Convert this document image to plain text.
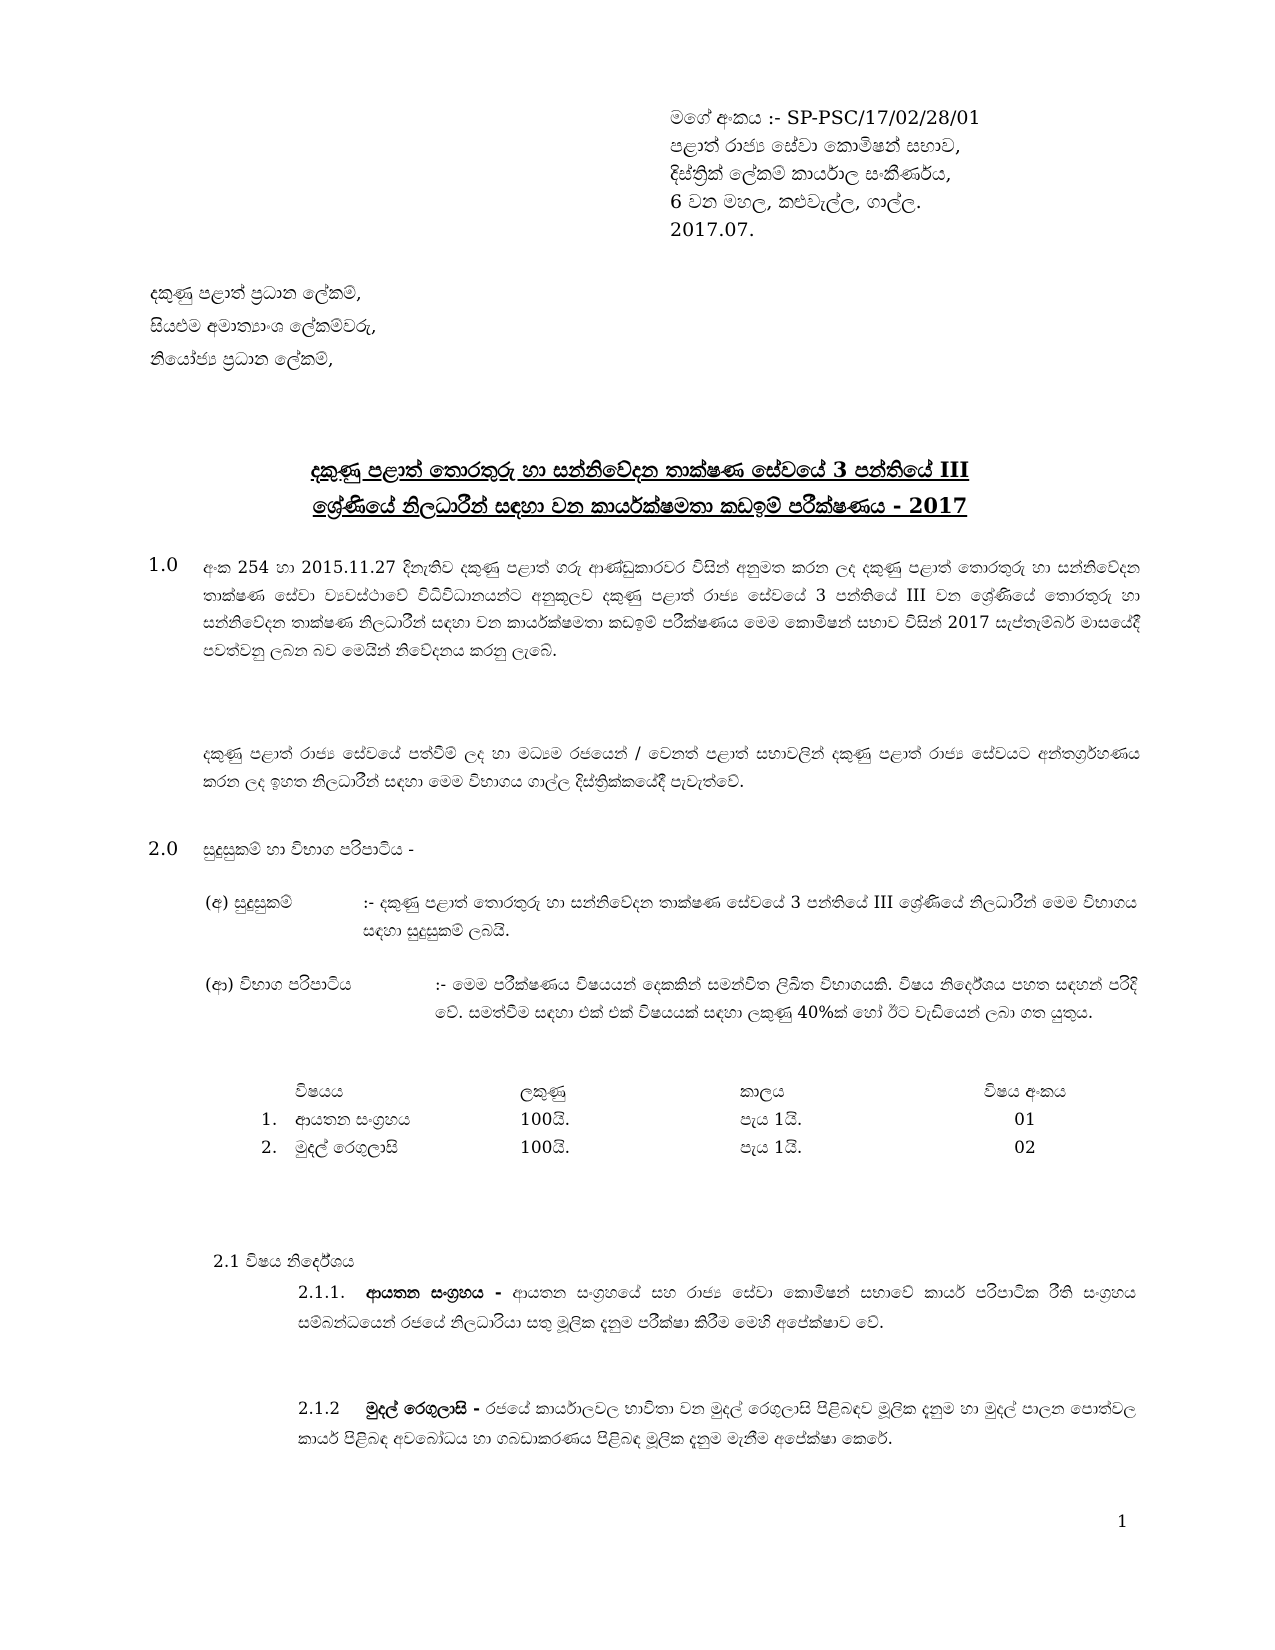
මගේ අංකය :- SP-PSC/17/02/28/01
පළාත් රාජ්‍ය සේවා කොමිෂන් සභාව,
දිස්ත්‍රික් ලේකම් කාර්යාල සංකීර්ණය,
6 වන මහල, කළුවැල්ල, ගාල්ල.
2017.07.
දකුණු පළාත් ප්‍රධාන ලේකම්,
සියළුම අමාත්‍යාංශ ලේකම්වරු,
නියෝජ්‍ය ප්‍රධාන ලේකම්,
දකුණු පළාත් තොරතුරු හා සන්නිවේදන තාක්ෂණ සේවයේ 3 පන්තියේ III
ශ්‍රේණියේ නිලධාරීන් සඳහා වන කාර්යක්ෂමතා කඩඉම් පරීක්ෂණය - 2017
1.0 අංක 254 හා 2015.11.27 දිනැතිව දකුණු පළාත් ගරු ආණ්ඩුකාරවර විසින් අනුමත කරන ලද දකුණු පළාත් තොරතුරු හා සන්නිවේදන තාක්ෂණ සේවා ව්‍යවස්ථාවේ විධිවිධානයන්ට අනුකූලව දකුණු පළාත් රාජ්‍ය සේවයේ 3 පන්තියේ III වන ශ්‍රේණියේ තොරතුරු හා සන්නිවේදන තාක්ෂණ නිලධාරීන් සඳහා වන කාර්යක්ෂමතා කඩඉම් පරීක්ෂණය මෙම කොමිෂන් සභාව විසින් 2017 සැප්තැම්බර් මාසයේදී පවත්වනු ලබන බව මෙයින් නිවේදනය කරනු ලැබේ.
දකුණු පළාත් රාජ්‍ය සේවයේ පත්වීම් ලද හා මධ්‍යම රජයෙන් / වෙනත් පළාත් සභාවලින් දකුණු පළාත් රාජ්‍ය සේවයට අන්තර්ග්‍රහණය කරන ලද ඉහත නිලධාරීන් සඳහා මෙම විභාගය ගාල්ල දිස්ත්‍රික්කයේදී පැවැත්වේ.
2.0 සුදුසුකම් හා විභාග පරිපාටිය -
(අ) සුදුසුකම්	:- දකුණු පළාත් තොරතුරු හා සන්නිවේදන තාක්ෂණ සේවයේ 3 පන්තියේ III ශ්‍රේණියේ නිලධාරීන් මෙම විභාගය සඳහා සුදුසුකම් ලබයි.
(ආ) විභාග පරිපාටිය	:- මෙම පරීක්ෂණය විෂයයන් දෙකකින් සමන්විත ලිඛිත විභාගයකි. විෂය නිර්දේශය පහත සඳහන් පරිදි වේ. සමත්වීම සඳහා එක් එක් විෂයයක් සඳහා ලකුණු 40%ක් හෝ ඊට වැඩියෙන් ලබා ගත යුතුය.
විෂයය	ලකුණු	කාලය	විෂය අංකය
1. ආයතන සංග්‍රහය	100යි.	පැය 1යි.	01
2. මුදල් රෙගුලාසි	100යි.	පැය 1යි.	02
2.1 විෂය නිර්දේශය
2.1.1. ආයතන සංග්‍රහය - ආයතන සංග්‍රහයේ සහ රාජ්‍ය සේවා කොමිෂන් සභාවේ කාර්ය පරිපාටික රීති සංග්‍රහය සම්බන්ධයෙන් රජයේ නිලධාරියා සතු මූලික දැනුම පරීක්ෂා කිරීම මෙහි අපේක්ෂාව වේ.
2.1.2 මුදල් රෙගුලාසි - රජයේ කාර්යාලවල භාවිතා වන මුදල් රෙගුලාසි පිළිබඳව මූලික දැනුම හා මුදල් පාලන පොත්වල කාර්ය පිළිබඳ අවබෝධය හා ගබඩාකරණය පිළිබඳ මූලික දැනුම මැනීම අපේක්ෂා කෙරේ.
1
